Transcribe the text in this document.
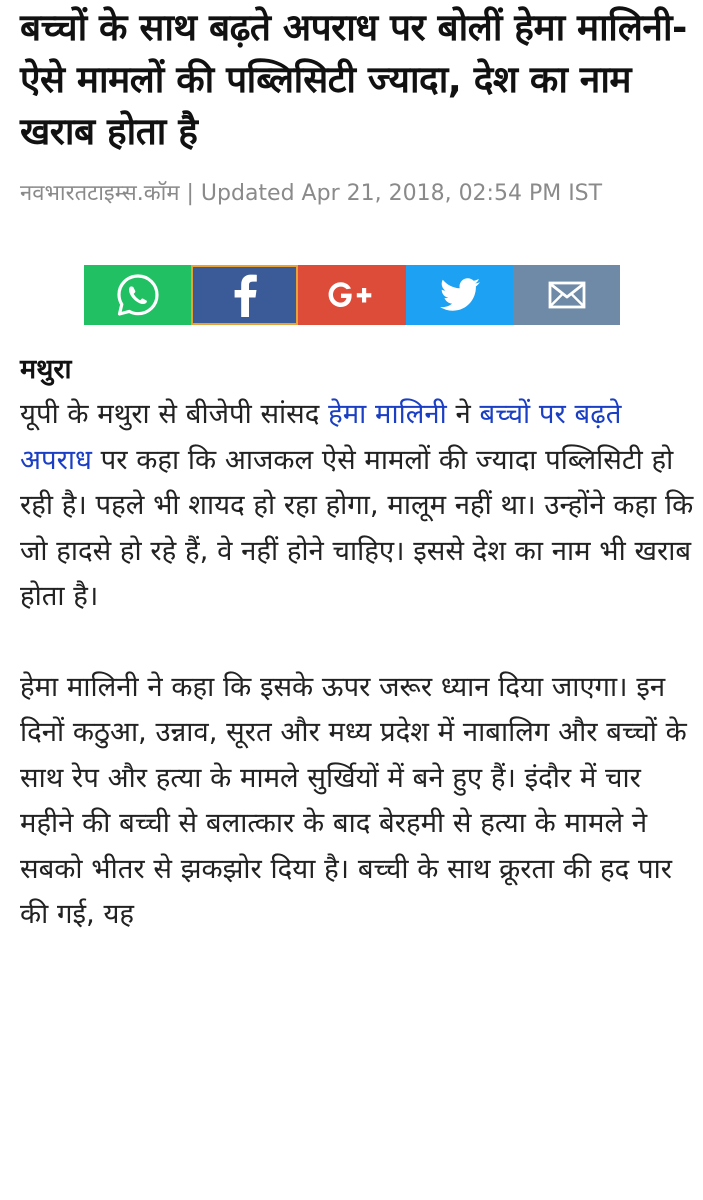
बच्चों के साथ बढ़ते अपराध पर बोलीं हेमा मालिनी- ऐसे मामलों की पब्लिसिटी ज्यादा, देश का नाम खराब होता है
नवभारतटाइम्स.कॉम | Updated Apr 21, 2018, 02:54 PM IST
मथुरा

यूपी के मथुरा से बीजेपी सांसद हेमा मालिनी ने बच्चों पर बढ़ते अपराध पर कहा कि आजकल ऐसे मामलों की ज्यादा पब्लिसिटी हो रही है। पहले भी शायद हो रहा होगा, मालूम नहीं था। उन्होंने कहा कि जो हादसे हो रहे हैं, वे नहीं होने चाहिए। इससे देश का नाम भी खराब होता है।

हेमा मालिनी ने कहा कि इसके ऊपर जरूर ध्यान दिया जाएगा। इन दिनों कठुआ, उन्नाव, सूरत और मध्य प्रदेश में नाबालिग और बच्चों के साथ रेप और हत्या के मामले सुर्खियों में बने हुए हैं। इंदौर में चार महीने की बच्ची से बलात्कार के बाद बेरहमी से हत्या के मामले ने सबको भीतर से झकझोर दिया है। बच्ची के साथ क्रूरता की हद पार की गई, यह
